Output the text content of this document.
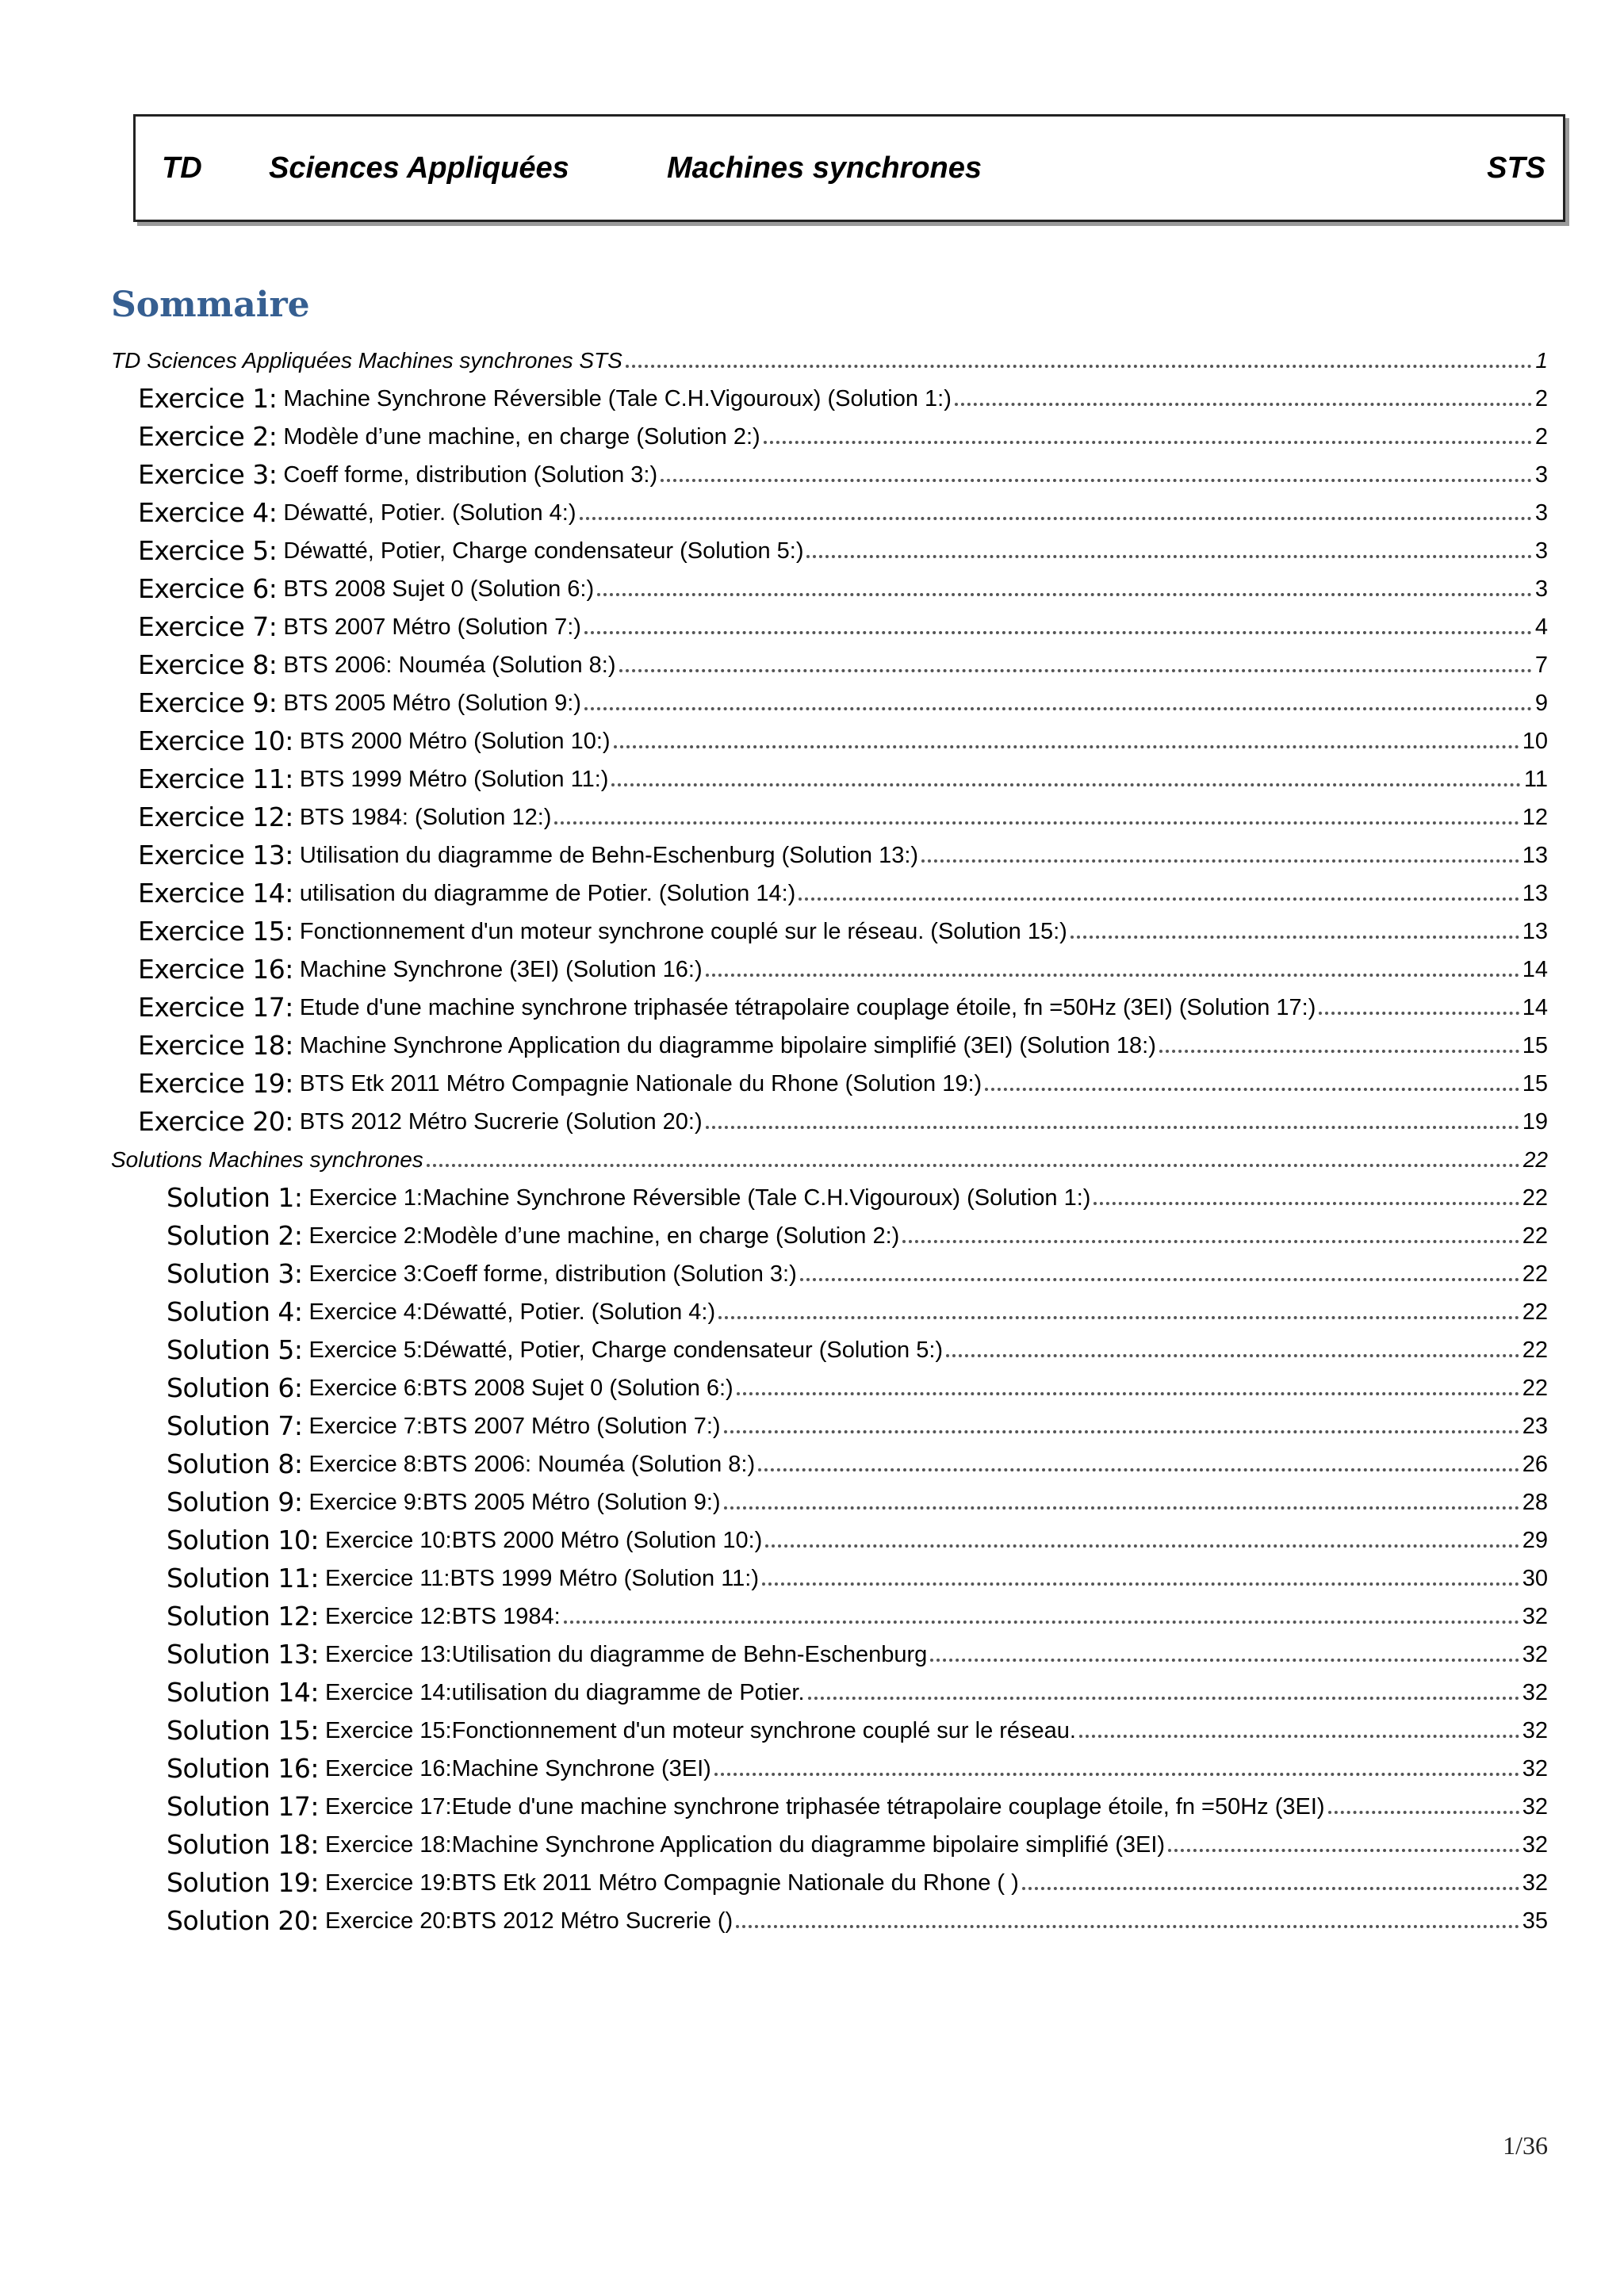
TD Sciences Appliquées	Machines synchrones	STS
Sommaire
TD Sciences Appliquées Machines synchrones STS	1
Exercice 1: Machine Synchrone Réversible (Tale C.H.Vigouroux) (Solution 1:)	2
Exercice 2: Modèle d’une machine, en charge (Solution 2:)	2
Exercice 3: Coeff forme, distribution (Solution 3:)	3
Exercice 4: Déwatté, Potier. (Solution 4:)	3
Exercice 5: Déwatté, Potier, Charge condensateur (Solution 5:)	3
Exercice 6: BTS 2008 Sujet 0 (Solution 6:)	3
Exercice 7: BTS 2007 Métro (Solution 7:)	4
Exercice 8: BTS 2006: Nouméa (Solution 8:)	7
Exercice 9: BTS 2005 Métro (Solution 9:)	9
Exercice 10: BTS 2000 Métro (Solution 10:)	10
Exercice 11: BTS 1999 Métro (Solution 11:)	11
Exercice 12: BTS 1984: (Solution 12:)	12
Exercice 13: Utilisation du diagramme de Behn-Eschenburg (Solution 13:)	13
Exercice 14: utilisation du diagramme de Potier. (Solution 14:)	13
Exercice 15: Fonctionnement d'un moteur synchrone couplé sur le réseau. (Solution 15:)	13
Exercice 16: Machine Synchrone (3EI) (Solution 16:)	14
Exercice 17: Etude d'une machine synchrone triphasée tétrapolaire couplage étoile, fn =50Hz (3EI) (Solution 17:)	14
Exercice 18: Machine Synchrone Application du diagramme bipolaire simplifié (3EI) (Solution 18:)	15
Exercice 19: BTS Etk 2011 Métro Compagnie Nationale du Rhone (Solution 19:)	15
Exercice 20: BTS 2012 Métro Sucrerie (Solution 20:)	19
Solutions Machines synchrones	22
Solution 1: Exercice 1:Machine Synchrone Réversible (Tale C.H.Vigouroux) (Solution 1:)	22
Solution 2: Exercice 2:Modèle d’une machine, en charge (Solution 2:)	22
Solution 3: Exercice 3:Coeff forme, distribution (Solution 3:)	22
Solution 4: Exercice 4:Déwatté, Potier. (Solution 4:)	22
Solution 5: Exercice 5:Déwatté, Potier, Charge condensateur (Solution 5:)	22
Solution 6: Exercice 6:BTS 2008 Sujet 0 (Solution 6:)	22
Solution 7: Exercice 7:BTS 2007 Métro (Solution 7:)	23
Solution 8: Exercice 8:BTS 2006: Nouméa (Solution 8:)	26
Solution 9: Exercice 9:BTS 2005 Métro (Solution 9:)	28
Solution 10: Exercice 10:BTS 2000 Métro (Solution 10:)	29
Solution 11: Exercice 11:BTS 1999 Métro (Solution 11:)	30
Solution 12: Exercice 12:BTS 1984:	32
Solution 13: Exercice 13:Utilisation du diagramme de Behn-Eschenburg	32
Solution 14: Exercice 14:utilisation du diagramme de Potier.	32
Solution 15: Exercice 15:Fonctionnement d'un moteur synchrone couplé sur le réseau.	32
Solution 16: Exercice 16:Machine Synchrone (3EI)	32
Solution 17: Exercice 17:Etude d'une machine synchrone triphasée tétrapolaire couplage étoile, fn =50Hz (3EI)	32
Solution 18: Exercice 18:Machine Synchrone Application du diagramme bipolaire simplifié (3EI)	32
Solution 19: Exercice 19:BTS Etk 2011 Métro Compagnie Nationale du Rhone ( )	32
Solution 20: Exercice 20:BTS 2012 Métro Sucrerie ()	35
1/36
